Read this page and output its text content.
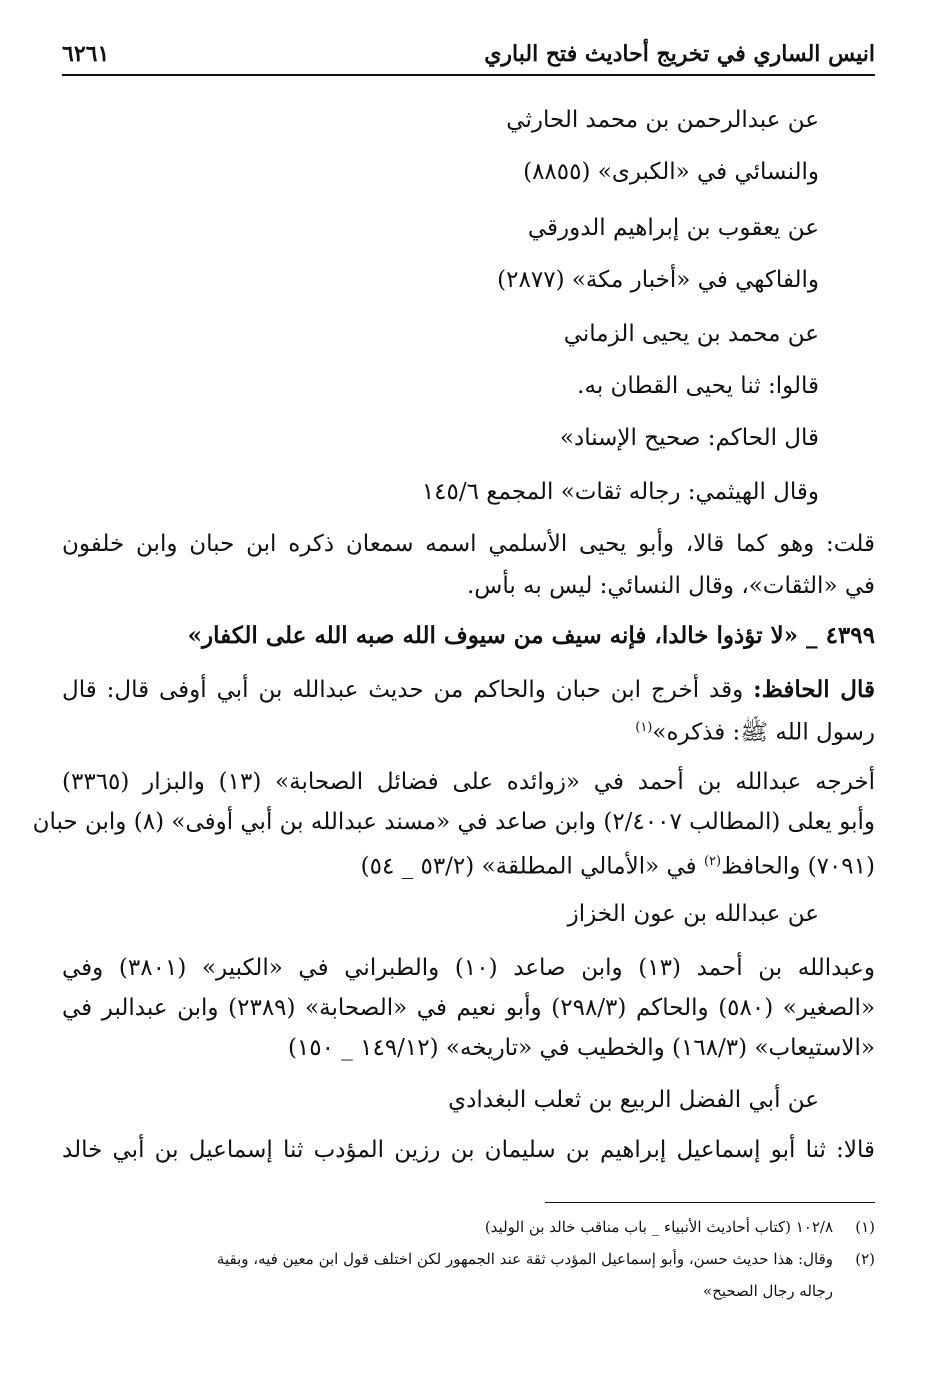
انيس الساري في تخريج أحاديث فتح الباري
٦٢٦١
عن عبدالرحمن بن محمد الحارثي
والنسائي في «الكبرى» (٨٨٥٥)
عن يعقوب بن إبراهيم الدورقي
والفاكهي في «أخبار مكة» (٢٨٧٧)
عن محمد بن يحيى الزماني
قالوا: ثنا يحيى القطان به.
قال الحاكم: صحيح الإسناد»
وقال الهيثمي: رجاله ثقات» المجمع ١٤٥/٦
قلت: وهو كما قالا، وأبو يحيى الأسلمي اسمه سمعان ذكره ابن حبان وابن خلفون
في «الثقات»، وقال النسائي: ليس به بأس.
٤٣٩٩ _ «لا تؤذوا خالدا، فإنه سيف من سيوف الله صبه الله على الكفار»
قال الحافظ: وقد أخرج ابن حبان والحاكم من حديث عبدالله بن أبي أوفى قال: قال
رسول الله ﷺ: فذكره»$^{(١)}$
أخرجه عبدالله بن أحمد في «زوائده على فضائل الصحابة» (١٣) والبزار (٣٣٦٥)
وأبو يعلى (المطالب ٢/٤٠٠٧) وابن صاعد في «مسند عبدالله بن أبي أوفى» (٨) وابن حبان
(٧٠٩١) والحافظ$^{(٢)}$ في «الأمالي المطلقة» (٥٣/٢ _ ٥٤)
عن عبدالله بن عون الخزاز
وعبدالله بن أحمد (١٣) وابن صاعد (١٠) والطبراني في «الكبير» (٣٨٠١) وفي
«الصغير» (٥٨٠) والحاكم (٢٩٨/٣) وأبو نعيم في «الصحابة» (٢٣٨٩) وابن عبدالبر في
«الاستيعاب» (١٦٨/٣) والخطيب في «تاريخه» (١٤٩/١٢ _ ١٥٠)
عن أبي الفضل الربيع بن ثعلب البغدادي
قالا: ثنا أبو إسماعيل إبراهيم بن سليمان بن رزين المؤدب ثنا إسماعيل بن أبي خالد
(١)١٠٢/٨ (كتاب أحاديث الأنبياء _ باب مناقب خالد بن الوليد)
(٢)وقال: هذا حديث حسن، وأبو إسماعيل المؤدب ثقة عند الجمهور لكن اختلف قول ابن معين فيه، وبقية
رجاله رجال الصحيح»
